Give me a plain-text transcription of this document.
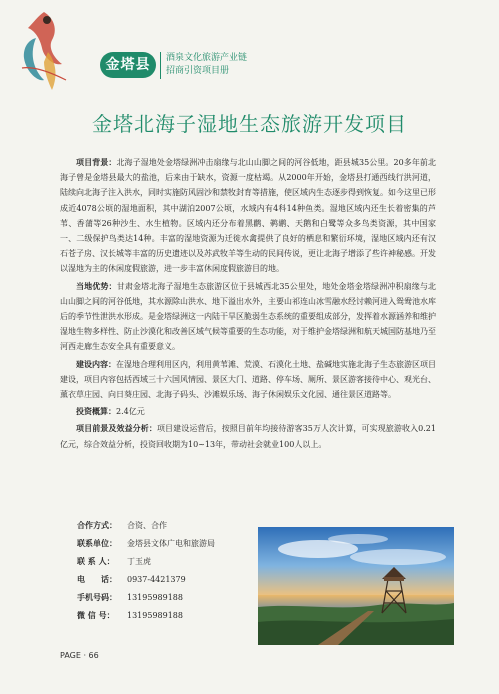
金塔县	酒泉文化旅游产业链
招商引资项目册
金塔北海子湿地生态旅游开发项目

项目背景：北海子湿地处金塔绿洲冲击扇缘与北山山脚之间的河谷低地，距县城35公里。20多年前北海子曾是金塔县最大的盐池，后来由于缺水，资源一度枯竭。从2000年开始，金塔县打通西线行洪河道，陆续向北海子注入洪水，同时实施防风固沙和禁牧封育等措施，使区域内生态逐步得到恢复。如今这里已形成近4078公顷的湿地面积，其中湖泊2007公顷，水域内有4科14种鱼类。湿地区域内还生长着密集的芦苇、香蒲等26种沙生、水生植物。区域内还分布着黑鹳、鹈鹕、天鹅和白鹭等众多鸟类资源，其中国家一、二级保护鸟类达14种。丰富的湿地资源为迁徙水禽提供了良好的栖息和繁衍环境，湿地区域内还有汉石苍子房、汉长城等丰富的历史遗迹以及苏武牧羊等生动的民间传说，更让北海子增添了些许神秘感。开发以湿地为主的休闲度假旅游，进一步丰富休闲度假旅游目的地。

当地优势：甘肃金塔北海子湿地生态旅游区位于县城西北35公里处，地处金塔金塔绿洲冲积扇缘与北山山脚之间的河谷低地，其水源除山洪水、地下溢出水外，主要山祁连山冰雪融水经讨赖河进入鸳鸯池水库后的季节性泄洪水形成。是金塔绿洲这一内陆干旱区脆弱生态系统的重要组成部分，发挥着水源涵养和维护湿地生物多样性、防止沙漠化和改善区域气候等重要的生态功能，对于维护金塔绿洲和航天城国防基地乃至河西走廊生态安全具有重要意义。

建设内容：在湿地合理利用区内，利用黄苇滩、荒漠、石漠化土地、盐碱地实施北海子生态旅游区项目建设，项目内容包括西域三十六国风情园、景区大门、道路、停车场、厕所、景区游客接待中心、观光台、薰衣草庄园、向日葵庄园、北海子码头、沙滩娱乐场、海子休闲娱乐文化园、通往景区道路等。

投资概算：2.4亿元

项目前景及效益分析：项目建设运营后，按照目前年均接待游客35万人次计算，可实现旅游收入0.21亿元，综合效益分析，投资回收期为10~13年，带动社会就业100人以上。

合作方式： 合资、合作
联系单位： 金塔县文体广电和旅游局
联 系 人： 丁玉虎
电　　话： 0937-4421379
手机号码： 13195989188
微 信 号： 13195989188
PAGE · 66
